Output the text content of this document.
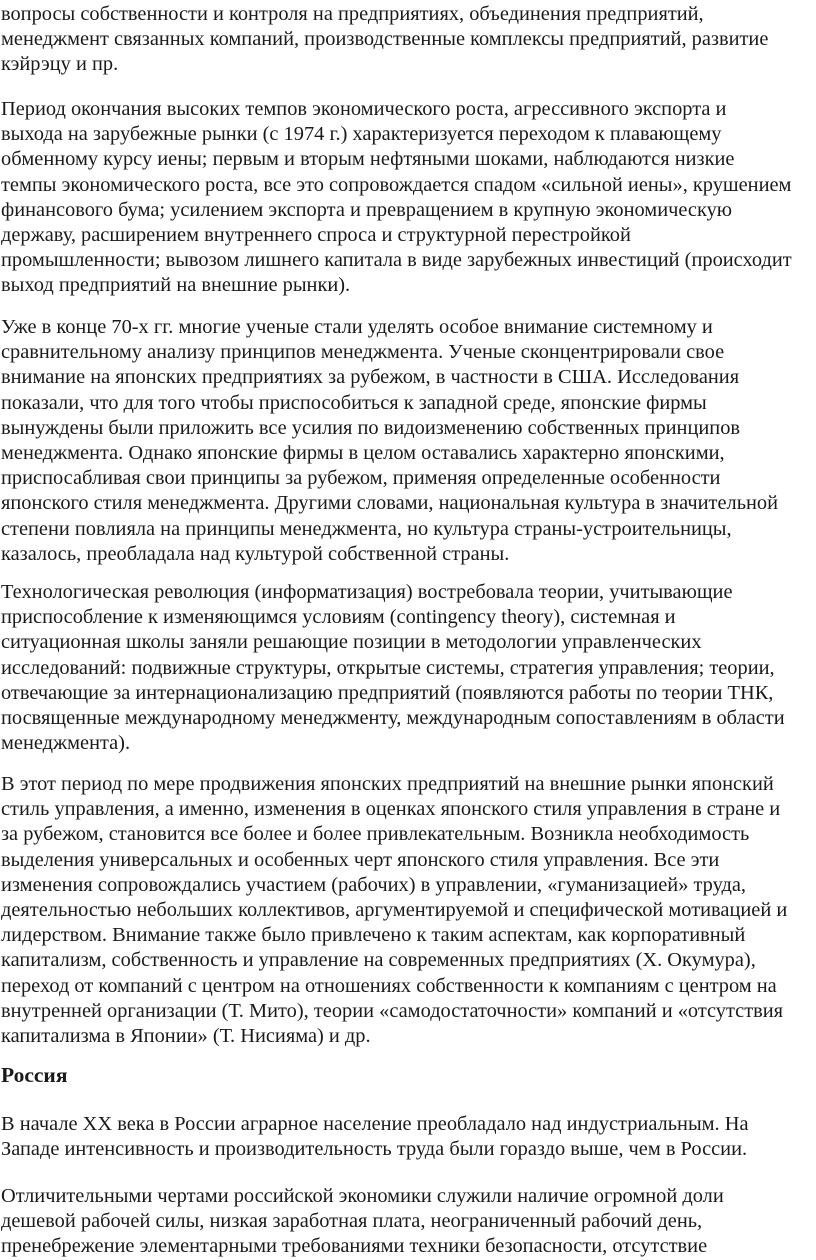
вопросы собственности и контроля на предприятиях, объединения предприятий,
менеджмент связанных компаний, производственные комплексы предприятий, развитие
кэйрэцу и пр.
Период окончания высоких темпов экономического роста, агрессивного экспорта и
выхода на зарубежные рынки (с 1974 г.) характеризуется переходом к плавающему
обменному курсу иены; первым и вторым нефтяными шоками, наблюдаются низкие
темпы экономического роста, все это сопровождается спадом «сильной иены», крушением
финансового бума; усилением экспорта и превращением в крупную экономическую
державу, расширением внутреннего спроса и структурной перестройкой
промышленности; вывозом лишнего капитала в виде зарубежных инвестиций (происходит
выход предприятий на внешние рынки).
Уже в конце 70-х гг. многие ученые стали уделять особое внимание системному и
сравнительному анализу принципов менеджмента. Ученые сконцентрировали свое
внимание на японских предприятиях за рубежом, в частности в США. Исследования
показали, что для того чтобы приспособиться к западной среде, японские фирмы
вынуждены были приложить все усилия по видоизменению собственных принципов
менеджмента. Однако японские фирмы в целом оставались характерно японскими,
приспосабливая свои принципы за рубежом, применяя определенные особенности
японского стиля менеджмента. Другими словами, национальная культура в значительной
степени повлияла на принципы менеджмента, но культура страны-устроительницы,
казалось, преобладала над культурой собственной страны.
Технологическая революция (информатизация) востребовала теории, учитывающие
приспособление к изменяющимся условиям (contingency theory), системная и
ситуационная школы заняли решающие позиции в методологии управленческих
исследований: подвижные структуры, открытые системы, стратегия управления; теории,
отвечающие за интернационализацию предприятий (появляются работы по теории ТНК,
посвященные международному менеджменту, международным сопоставлениям в области
менеджмента).
В этот период по мере продвижения японских предприятий на внешние рынки японский
стиль управления, а именно, изменения в оценках японского стиля управления в стране и
за рубежом, становится все более и более привлекательным. Возникла необходимость
выделения универсальных и особенных черт японского стиля управления. Все эти
изменения сопровождались участием (рабочих) в управлении, «гуманизацией» труда,
деятельностью небольших коллективов, аргументируемой и специфической мотивацией и
лидерством. Внимание также было привлечено к таким аспектам, как корпоративный
капитализм, собственность и управление на современных предприятиях (Х. Окумура),
переход от компаний с центром на отношениях собственности к компаниям с центром на
внутренней организации (Т. Мито), теории «самодостаточности» компаний и «отсутствия
капитализма в Японии» (Т. Нисияма) и др.
Россия
В начале XX века в России аграрное население преобладало над индустриальным. На
Западе интенсивность и производительность труда были гораздо выше, чем в России.
Отличительными чертами российской экономики служили наличие огромной доли
дешевой рабочей силы, низкая заработная плата, неограниченный рабочий день,
пренебрежение элементарными требованиями техники безопасности, отсутствие
